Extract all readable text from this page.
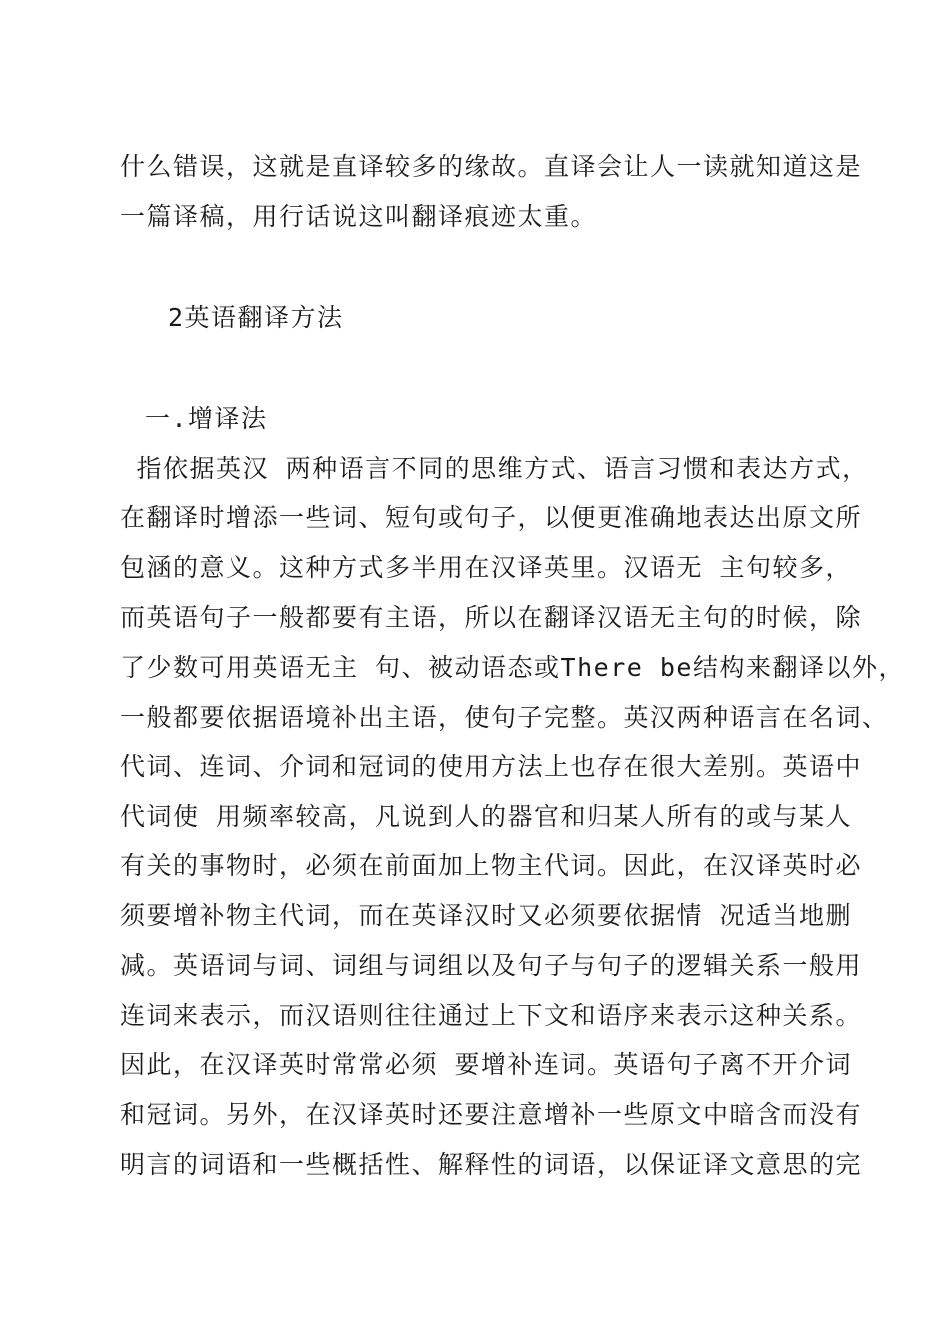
什么错误，这就是直译较多的缘故。直译会让人一读就知道这是
一篇译稿，用行话说这叫翻译痕迹太重。
2英语翻译方法
一.增译法
指依据英汉 两种语言不同的思维方式、语言习惯和表达方式，
在翻译时增添一些词、短句或句子，以便更准确地表达出原文所
包涵的意义。这种方式多半用在汉译英里。汉语无 主句较多，
而英语句子一般都要有主语，所以在翻译汉语无主句的时候，除
了少数可用英语无主 句、被动语态或There be结构来翻译以外，
一般都要依据语境补出主语，使句子完整。英汉两种语言在名词、
代词、连词、介词和冠词的使用方法上也存在很大差别。英语中
代词使 用频率较高，凡说到人的器官和归某人所有的或与某人
有关的事物时，必须在前面加上物主代词。因此，在汉译英时必
须要增补物主代词，而在英译汉时又必须要依据情 况适当地删
减。英语词与词、词组与词组以及句子与句子的逻辑关系一般用
连词来表示，而汉语则往往通过上下文和语序来表示这种关系。
因此，在汉译英时常常必须 要增补连词。英语句子离不开介词
和冠词。另外，在汉译英时还要注意增补一些原文中暗含而没有
明言的词语和一些概括性、解释性的词语，以保证译文意思的完
